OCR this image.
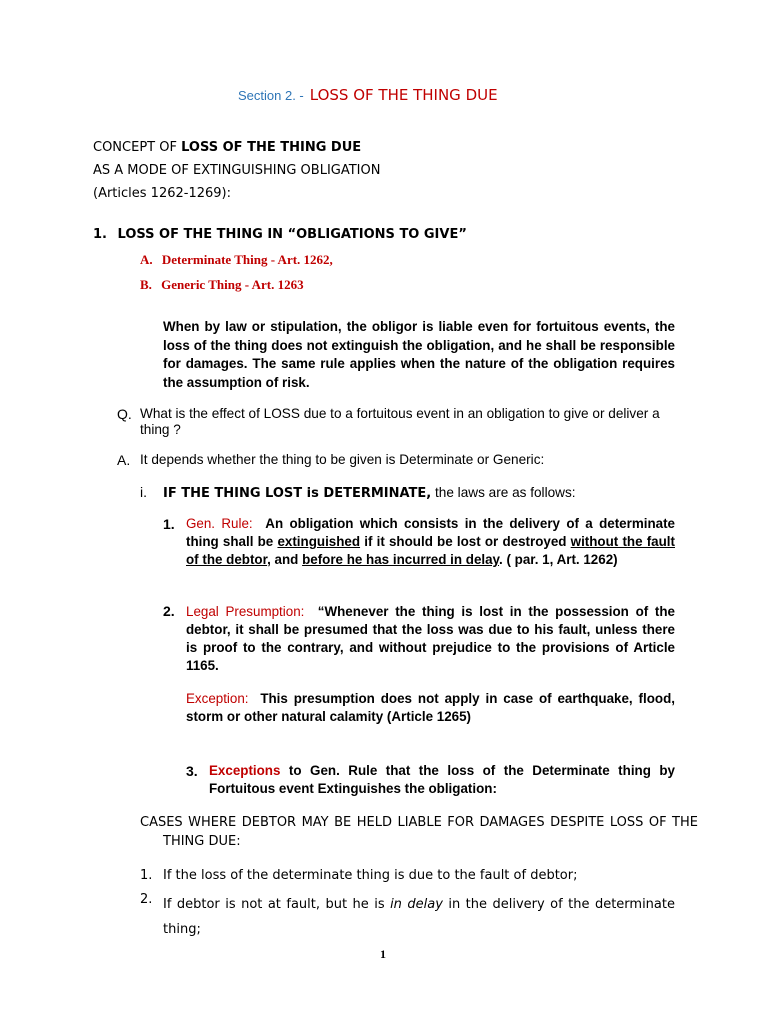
Section 2. - LOSS OF THE THING DUE
CONCEPT OF LOSS OF THE THING DUE
AS A MODE OF EXTINGUISHING OBLIGATION
(Articles 1262-1269):
1. LOSS OF THE THING IN “OBLIGATIONS TO GIVE”
A. Determinate Thing - Art. 1262,
B. Generic Thing - Art. 1263
When by law or stipulation, the obligor is liable even for fortuitous events, the loss of the thing does not extinguish the obligation, and he shall be responsible for damages. The same rule applies when the nature of the obligation requires the assumption of risk.
Q. What is the effect of LOSS due to a fortuitous event in an obligation to give or deliver a thing ?
A. It depends whether the thing to be given is Determinate or Generic:
i. IF THE THING LOST is DETERMINATE, the laws are as follows:
1. Gen. Rule: An obligation which consists in the delivery of a determinate thing shall be extinguished if it should be lost or destroyed without the fault of the debtor, and before he has incurred in delay. ( par. 1, Art. 1262)
2. Legal Presumption: “Whenever the thing is lost in the possession of the debtor, it shall be presumed that the loss was due to his fault, unless there is proof to the contrary, and without prejudice to the provisions of Article 1165.
Exception: This presumption does not apply in case of earthquake, flood, storm or other natural calamity (Article 1265)
3. Exceptions to Gen. Rule that the loss of the Determinate thing by Fortuitous event Extinguishes the obligation:
CASES WHERE DEBTOR MAY BE HELD LIABLE FOR DAMAGES DESPITE LOSS OF THE THING DUE:
1. If the loss of the determinate thing is due to the fault of debtor;
2. If debtor is not at fault, but he is in delay in the delivery of the determinate thing;
1
